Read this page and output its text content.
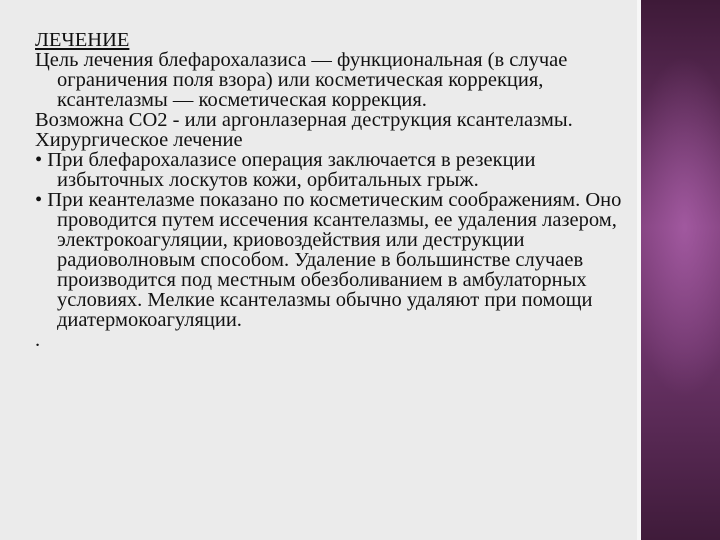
ЛЕЧЕНИЕ
Цель лечения блефарохалазиса — функциональная (в случае ограничения поля взора) или косметическая коррекция, ксантелазмы — косметическая коррекция.
Возможна CO2 - или аргонлазерная деструкция ксантелазмы.
Хирургическое лечение
• При блефарохалазисе операция заключается в резекции избыточных лоскутов кожи, орбитальных грыж.
• При кеантелазме показано по косметическим соображениям. Оно проводится путем иссечения ксантелазмы, ее удаления лазером, электрокоагуляции, криовоздействия или деструкции радиоволновым способом. Удаление в большинстве случаев производится под местным обезболиванием в амбулаторных условиях. Мелкие ксантелазмы обычно удаляют при помощи диатермокоагуляции.
.
